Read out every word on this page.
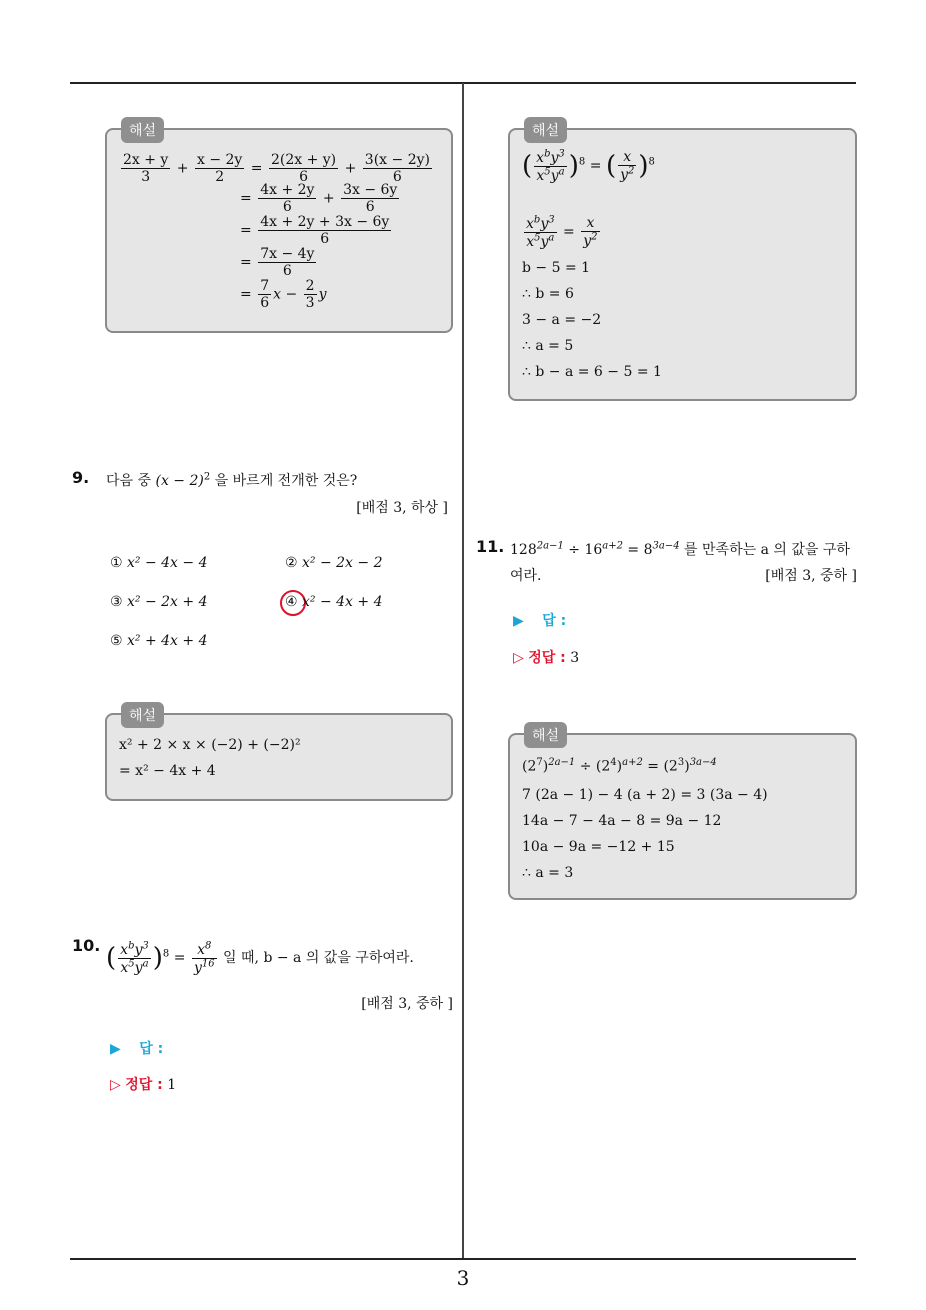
3
해설
$\frac{2x + y}{3} + \frac{x - 2y}{2} = \frac{2(2x + y)}{6} + \frac{3(x - 2y)}{6}$
= $\frac{4x + 2y}{6} + \frac{3x - 6y}{6}$
= $\frac{4x + 2y + 3x - 6y}{6}$
= $\frac{7x - 4y}{6}$
= $\frac{7}{6}$ $x - \frac{2}{3}$ y
9. 다음 중 $(x - 2)^2$ 을 바르게 전개한 것은?
[배점 3, 하상 ]
① x² − 4x − 4	② x² − 2x − 2
③ x² − 2x + 4	④ x² − 4x + 4
⑤ x² + 4x + 4
해설
x² + 2 × x × (−2) + (−2)²
= x² − 4x + 4
10. ( $\frac{x^by^3}{x^5y^a} )^8 = \frac{x^8}{y^{16}}$ 일 때, b − a 의 값을 구하여라.
[배점 3, 중하 ]
▶ 답 :
▷ 정답 : 1
해설
( $\frac{x^by^3}{x^5y^a} )^8$ = ( $\frac{x}{y^2} )^8$
$\frac{x^by^3}{x^5y^a} = \frac{x}{y^2}$
b − 5 = 1
∴ b = 6
3 − a = −2
∴ a = 5
∴ b − a = 6 − 5 = 1
11. $128^{2a-1} \div 16^{a+2} = 8^{3a-4}$ 를 만족하는 a 의 값을 구하
여라.	[배점 3, 중하 ]
▶ 답 :
▷ 정답 : 3
해설
$(2^7)^{2a-1} \div (2^4)^{a+2} = (2^3)^{3a-4}$
7 (2a − 1) − 4 (a + 2) = 3 (3a − 4)
14a − 7 − 4a − 8 = 9a − 12
10a − 9a = −12 + 15
∴ a = 3
